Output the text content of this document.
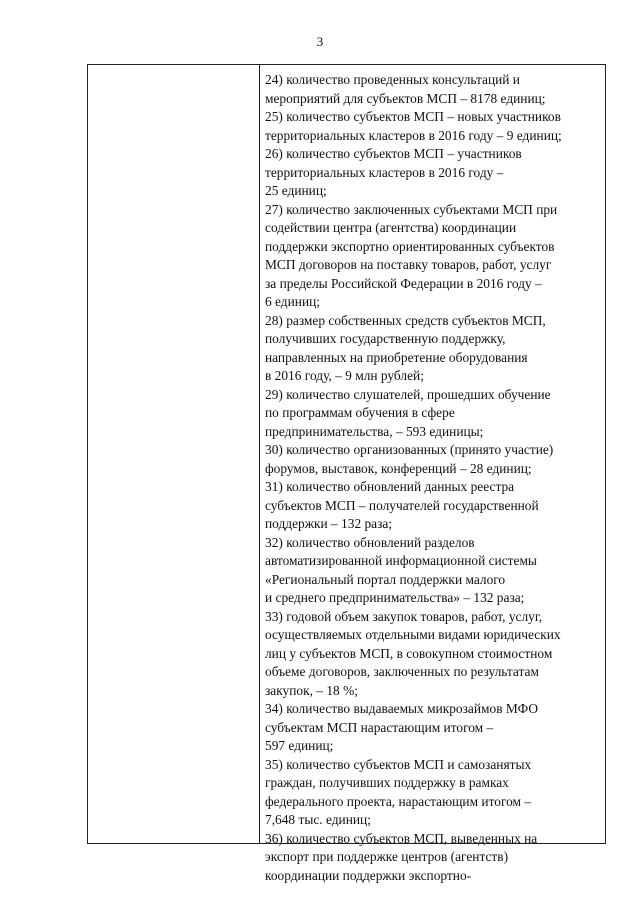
3
24) количество проведенных консультаций и
мероприятий для субъектов МСП – 8178 единиц;
25) количество субъектов МСП – новых участников
территориальных кластеров в 2016 году – 9 единиц;
26) количество субъектов МСП – участников
территориальных кластеров в 2016 году –
25 единиц;
27) количество заключенных субъектами МСП при
содействии центра (агентства) координации
поддержки экспортно ориентированных субъектов
МСП договоров на поставку товаров, работ, услуг
за пределы Российской Федерации в 2016 году –
6 единиц;
28) размер собственных средств субъектов МСП,
получивших государственную поддержку,
направленных на приобретение оборудования
в 2016 году, – 9 млн рублей;
29) количество слушателей, прошедших обучение
по программам обучения в сфере
предпринимательства, – 593 единицы;
30) количество организованных (принято участие)
форумов, выставок, конференций – 28 единиц;
31) количество обновлений данных реестра
субъектов МСП – получателей государственной
поддержки – 132 раза;
32) количество обновлений разделов
автоматизированной информационной системы
«Региональный портал поддержки малого
и среднего предпринимательства» – 132 раза;
33) годовой объем закупок товаров, работ, услуг,
осуществляемых отдельными видами юридических
лиц у субъектов МСП, в совокупном стоимостном
объеме договоров, заключенных по результатам
закупок, – 18 %;
34) количество выдаваемых микрозаймов МФО
субъектам МСП нарастающим итогом –
597 единиц;
35) количество субъектов МСП и самозанятых
граждан, получивших поддержку в рамках
федерального проекта, нарастающим итогом –
7,648 тыс. единиц;
36) количество субъектов МСП, выведенных на
экспорт при поддержке центров (агентств)
координации поддержки экспортно-
